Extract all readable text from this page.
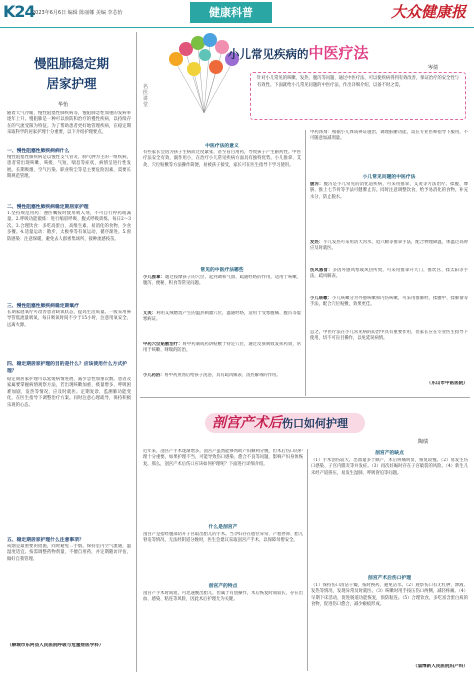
K24
2023年6月6日 编辑 陈丽娜 美编 李芯怡	健康科普	大众健康报
慢阻肺稳定期
居家护理
华怡
随着天气冷暖、慢性阻塞性肺疾病等，慢阻肺急性加重的发病率逐年上升。慢阻肺是一种可以预防和治疗的慢性疾病，以持续存在的气流受限为特征。为了帮助患者更好地管理疾病，在稳定期采取科学的居家护理十分重要，以下介绍护理要点。
一、慢性阻塞性肺疾病病什么
慢性阻塞性肺疾病是以慢性支气管炎、肺气肿为主的一组疾病，患者常出现咳嗽、咳痰、气短、喘息等症状，病情呈进行性发展。长期吸烟、空气污染、职业粉尘等是主要危险因素，需要长期规范管理。
二、慢性阻塞性肺疾病稳定期居家护理
1.坚持规范用药：遵医嘱按时使用吸入剂，不可自行停药或减量。2.呼吸功能锻炼：进行缩唇呼吸、腹式呼吸训练，每日2～3次。3.合理饮食：多吃高蛋白、高维生素、易消化的食物，少食多餐。4.适量运动：散步、太极拳等有氧运动，循序渐进。5.预防感染：注意保暖，避免去人群密集场所，接种流感疫苗。
三、慢性阻塞性肺疾病稳定期氧疗
长期家庭氧疗可改善患者缺氧状态，提高生活质量。一般采用鼻导管低流量吸氧，每日吸氧时间不少于15小时，注意用氧安全，远离火源。
四、稳定期居家护理的目的是什么？应该使用什么方式护理？
稳定期居家护理可以延缓病情进展、减少急性加重次数。患者及家属要掌握病情观察方法，若出现咳嗽加重、痰量增多、呼吸困难加剧、发热等情况，应及时就医。定期复诊，监测肺功能变化，在医生指导下调整治疗方案。同时注意心理疏导，保持积极乐观的心态。
五、稳定期居家护理什么注意事项？
戒烟是最重要的措施，同时避免二手烟。保持室内空气流通，温湿度适宜。按需调整药物剂量，不擅自用药，并定期随访评估，做好自我管理。
（聊城市东阿县人民医院呼吸与危重症医学科）
小儿常见疾病的中医疗法
岑倩
名医讲堂
针对小儿常见的咳嗽、发热、腹泻等问题，通过中医疗法，可以使疾病得到有效改善，保证治疗的安全性与有效性。下面就给小儿常见问题的中医疗法，作出详细介绍，以备不时之需。
中医疗法的意义
有些家长会因为孩子生病而过度紧张，甚至盲目用药，导致孩子产生耐药性。中医疗法安全有效，副作用小，在治疗小儿常见疾病方面具有独特优势。小儿推拿、艾灸、穴位贴敷等方法操作简便，易被孩子接受，家长可在医生指导下学习使用。
常见的中医疗法哪些
小儿推拿：通过按摩孩子的穴位，起到调和气血、疏通经络的作用，适用于咳嗽、腹泻、便秘、积食等常见问题。
艾灸：利用艾绒燃烧产生的温热刺激穴位，温通经络，适用于受寒腹痛、腹泻等虚寒病证。
中药穴位贴敷治疗：将中药制成药饼贴敷于特定穴位，通过皮肤吸收发挥药效，常用于咳嗽、哮喘的防治。
小儿药浴：将中药煎汤后给孩子洗浴，具有疏风解表、清热解毒的作用。
中药汤剂：根据小儿体质辨证施治，调理脏腑功能，需在专业医师指导下服用，不可随意加减剂量。
小儿常见问题的中医疗法
腹泻：腹泻是小儿常见的消化道疾病，可采用推拿、艾灸等方法治疗。揉腹、摩脐、推上七节骨等手法可健脾止泻。同时注意调整饮食，给予易消化的食物，补充水分，防止脱水。
发热：小儿发热可采用清天河水、退六腑等推拿手法，配合物理降温，体温过高时应及时就医。
伤风感冒：多因外感风寒或风热所致，可采用推拿开天门、推坎宫、揉太阳等手法，疏风解表。
小儿咳嗽：小儿咳嗽分为外感咳嗽和内伤咳嗽，可采用推肺经、揉膻中、揉肺俞等手法，配合穴位贴敷，效果更佳。
总之，中医疗法在小儿常见病的防治中具有重要作用，但家长应在专业医生指导下使用，切不可盲目操作，以免延误病情。
（乐山市中医医院）
剖宫产术后伤口如何护理
陶绩
近年来，剖宫产手术逐渐增多。剖宫产虽然能够帮助产妇顺利分娩，但术后伤口的护理十分重要。如果护理不当，可能导致伤口感染、愈合不良等问题，影响产妇身体恢复。那么，剖宫产术后伤口应该如何护理呢？下面进行详细介绍。
什么是剖宫产
剖宫产是指经腹部切开子宫取出胎儿的手术。当孕妇存在胎位异常、产程停滞、胎儿窘迫等情况，无法经阴道分娩时，医生会建议采取剖宫产手术，以保障母婴安全。
剖宫产的特点
剖宫产手术时间短，可迅速娩出胎儿，但属于有创操作，术后恢复时间较长，存在出血、感染、粘连等风险，因此术后护理尤为关键。
剖宫产的缺点
（1）手术创伤较大，出血量多于顺产，术后疼痛明显，恢复较慢。（2）易发生伤口感染、子宫内膜炎等并发症。（3）再次妊娠时存在子宫破裂的风险。（4）新生儿未经产道挤压，易发生湿肺、呼吸窘迫等问题。
剖宫产术后伤口护理
（1）保持伤口清洁干燥，按时换药，避免沾水。（2）观察伤口有无红肿、渗液、发热等情况，发现异常及时就医。（3）咳嗽时用手按压伤口两侧，减轻疼痛。（4）早期下床活动，促进肠道功能恢复，预防粘连。（5）合理饮食，多吃富含蛋白质的食物，促进伤口愈合，减少瘢痕形成。
（淄博新人民医院妇产科）
